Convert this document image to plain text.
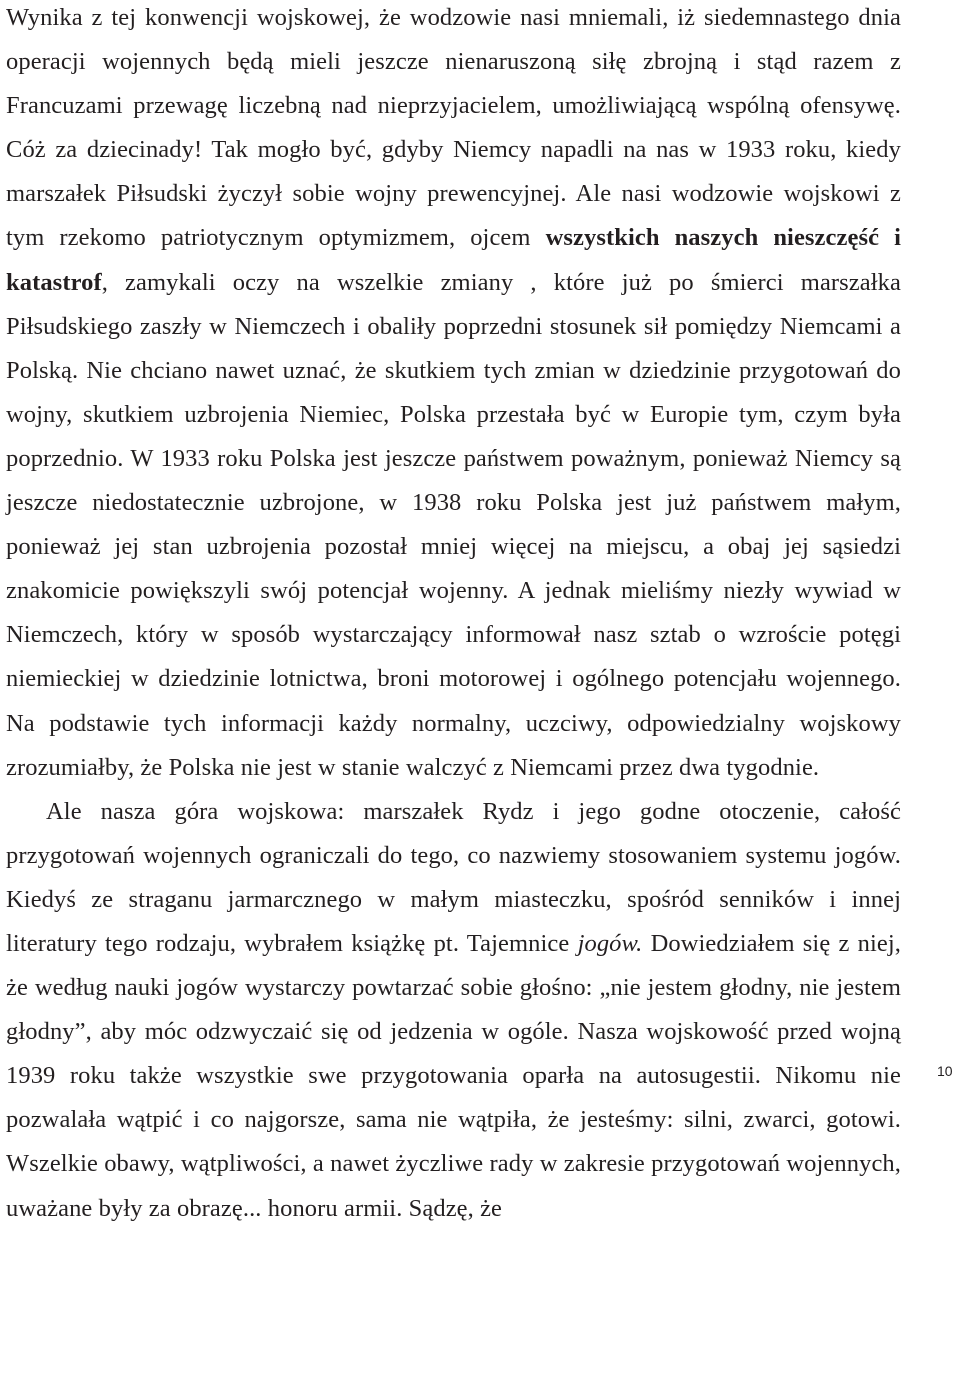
Wynika z tej konwencji wojskowej, że wodzowie nasi mniemali, iż siedemnastego dnia operacji wojennych będą mieli jeszcze nienaruszoną siłę zbrojną i stąd razem z Francuzami przewagę liczebną nad nieprzyjacielem, umożliwiającą wspólną ofensywę. Cóż za dziecinady! Tak mogło być, gdyby Niemcy napadli na nas w 1933 roku, kiedy marszałek Piłsudski życzył sobie wojny prewencyjnej. Ale nasi wodzowie wojskowi z tym rzekomo patriotycznym optymizmem, ojcem wszystkich naszych nieszczęść i katastrof, zamykali oczy na wszelkie zmiany , które już po śmierci marszałka Piłsudskiego zaszły w Niemczech i obaliły poprzedni stosunek sił pomiędzy Niemcami a Polską. Nie chciano nawet uznać, że skutkiem tych zmian w dziedzinie przygotowań do wojny, skutkiem uzbrojenia Niemiec, Polska przestała być w Europie tym, czym była poprzednio. W 1933 roku Polska jest jeszcze państwem poważnym, ponieważ Niemcy są jeszcze niedostatecznie uzbrojone, w 1938 roku Polska jest już państwem małym, ponieważ jej stan uzbrojenia pozostał mniej więcej na miejscu, a obaj jej sąsiedzi znakomicie powiększyli swój potencjał wojenny. A jednak mieliśmy niezły wywiad w Niemczech, który w sposób wystarczający informował nasz sztab o wzroście potęgi niemieckiej w dziedzinie lotnictwa, broni motorowej i ogólnego potencjału wojennego. Na podstawie tych informacji każdy normalny, uczciwy, odpowiedzialny wojskowy zrozumiałby, że Polska nie jest w stanie walczyć z Niemcami przez dwa tygodnie.

Ale nasza góra wojskowa: marszałek Rydz i jego godne otoczenie, całość przygotowań wojennych ograniczali do tego, co nazwiemy stosowaniem systemu jogów. Kiedyś ze straganu jarmarcznego w małym miasteczku, spośród senników i innej literatury tego rodzaju, wybrałem książkę pt. Tajemnice jogów. Dowiedziałem się z niej, że według nauki jogów wystarczy powtarzać sobie głośno: „nie jestem głodny, nie jestem głodny”, aby móc odzwyczaić się od jedzenia w ogóle. Nasza wojskowość przed wojną 1939 roku także wszystkie swe przygotowania oparła na autosugestii. Nikomu nie pozwalała wątpić i co najgorsze, sama nie wątpiła, że jesteśmy: silni, zwarci, gotowi. Wszelkie obawy, wątpliwości, a nawet życzliwe rady w zakresie przygotowań wojennych, uważane były za obrazę... honoru armii. Sądzę, że

10
